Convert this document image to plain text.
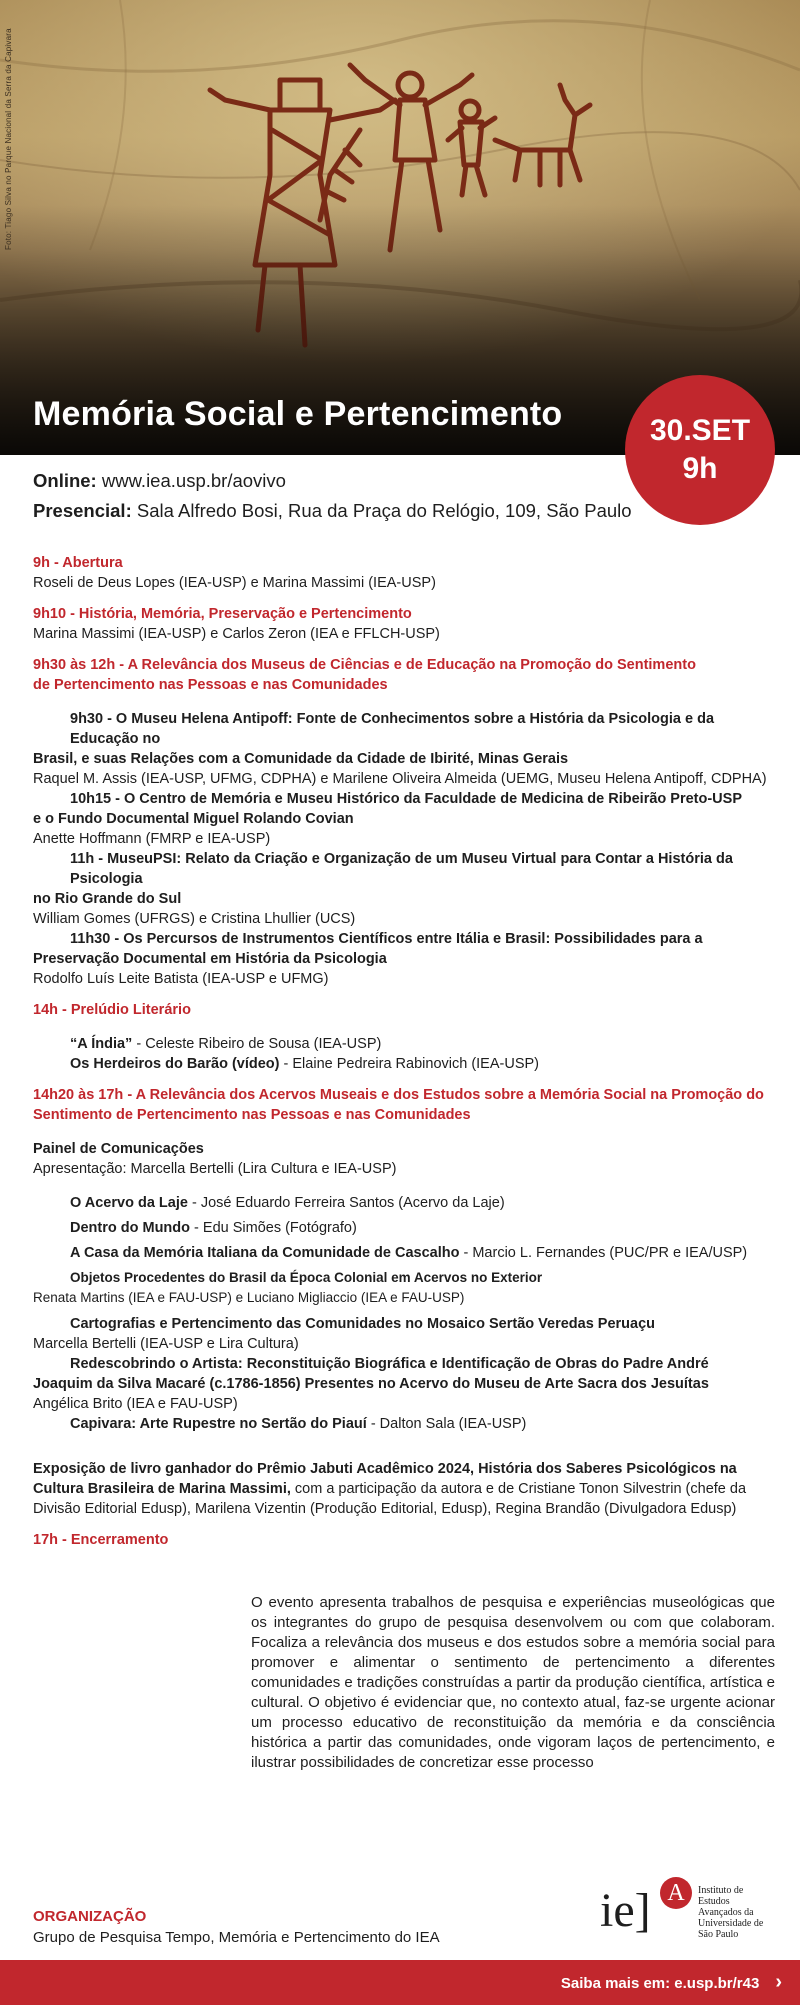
Foto: Tiago Silva no Parque Nacional da Serra da Capivara
Memória Social e Pertencimento	30.SET
9h
Online: www.iea.usp.br/aovivo
Presencial: Sala Alfredo Bosi, Rua da Praça do Relógio, 109, São Paulo
9h - Abertura
Roseli de Deus Lopes (IEA-USP) e Marina Massimi (IEA-USP)
9h10 - História, Memória, Preservação e Pertencimento
Marina Massimi (IEA-USP) e Carlos Zeron (IEA e FFLCH-USP)
9h30 às 12h - A Relevância dos Museus de Ciências e de Educação na Promoção do Sentimento
de Pertencimento nas Pessoas e nas Comunidades
9h30 - O Museu Helena Antipoff: Fonte de Conhecimentos sobre a História da Psicologia e da Educação no
Brasil, e suas Relações com a Comunidade da Cidade de Ibirité, Minas Gerais
Raquel M. Assis (IEA-USP, UFMG, CDPHA) e Marilene Oliveira Almeida (UEMG, Museu Helena Antipoff, CDPHA)
10h15 - O Centro de Memória e Museu Histórico da Faculdade de Medicina de Ribeirão Preto-USP
e o Fundo Documental Miguel Rolando Covian
Anette Hoffmann (FMRP e IEA-USP)
11h - MuseuPSI: Relato da Criação e Organização de um Museu Virtual para Contar a História da Psicologia
no Rio Grande do Sul
William Gomes (UFRGS) e Cristina Lhullier (UCS)
11h30 - Os Percursos de Instrumentos Científicos entre Itália e Brasil: Possibilidades para a
Preservação Documental em História da Psicologia
Rodolfo Luís Leite Batista (IEA-USP e UFMG)
14h - Prelúdio Literário
“A Índia” - Celeste Ribeiro de Sousa (IEA-USP)
Os Herdeiros do Barão (vídeo) - Elaine Pedreira Rabinovich (IEA-USP)
14h20 às 17h - A Relevância dos Acervos Museais e dos Estudos sobre a Memória Social na Promoção do
Sentimento de Pertencimento nas Pessoas e nas Comunidades
Painel de Comunicações
Apresentação: Marcella Bertelli (Lira Cultura e IEA-USP)
O Acervo da Laje - José Eduardo Ferreira Santos (Acervo da Laje)
Dentro do Mundo - Edu Simões (Fotógrafo)
A Casa da Memória Italiana da Comunidade de Cascalho - Marcio L. Fernandes (PUC/PR e IEA/USP)
Objetos Procedentes do Brasil da Época Colonial em Acervos no Exterior
Renata Martins (IEA e FAU-USP) e Luciano Migliaccio (IEA e FAU-USP)
Cartografias e Pertencimento das Comunidades no Mosaico Sertão Veredas Peruaçu
Marcella Bertelli (IEA-USP e Lira Cultura)
Redescobrindo o Artista: Reconstituição Biográfica e Identificação de Obras do Padre André
Joaquim da Silva Macaré (c.1786-1856) Presentes no Acervo do Museu de Arte Sacra dos Jesuítas
Angélica Brito (IEA e FAU-USP)
Capivara: Arte Rupestre no Sertão do Piauí - Dalton Sala (IEA-USP)
Exposição de livro ganhador do Prêmio Jabuti Acadêmico 2024, História dos Saberes Psicológicos na
Cultura Brasileira de Marina Massimi, com a participação da autora e de Cristiane Tonon Silvestrin (chefe da
Divisão Editorial Edusp), Marilena Vizentin (Produção Editorial, Edusp), Regina Brandão (Divulgadora Edusp)
17h - Encerramento

O evento apresenta trabalhos de pesquisa e experiências museológicas que os integrantes do grupo de pesquisa desenvolvem ou com que colaboram. Focaliza a relevância dos museus e dos estudos sobre a memória social para promover e alimentar o sentimento de pertencimento a diferentes comunidades e tradições construídas a partir da produção científica, artística e cultural. O objetivo é evidenciar que, no contexto atual, faz-se urgente acionar um processo educativo de reconstituição da memória e da consciência histórica a partir das comunidades, onde vigoram laços de pertencimento, e ilustrar possibilidades de concretizar esse processo

ORGANIZAÇÃO
Grupo de Pesquisa Tempo, Memória e Pertencimento do IEA
ie] A	Instituto de
Estudos
Avançados da
Universidade de
São Paulo
Saiba mais em: e.usp.br/r43 ›
